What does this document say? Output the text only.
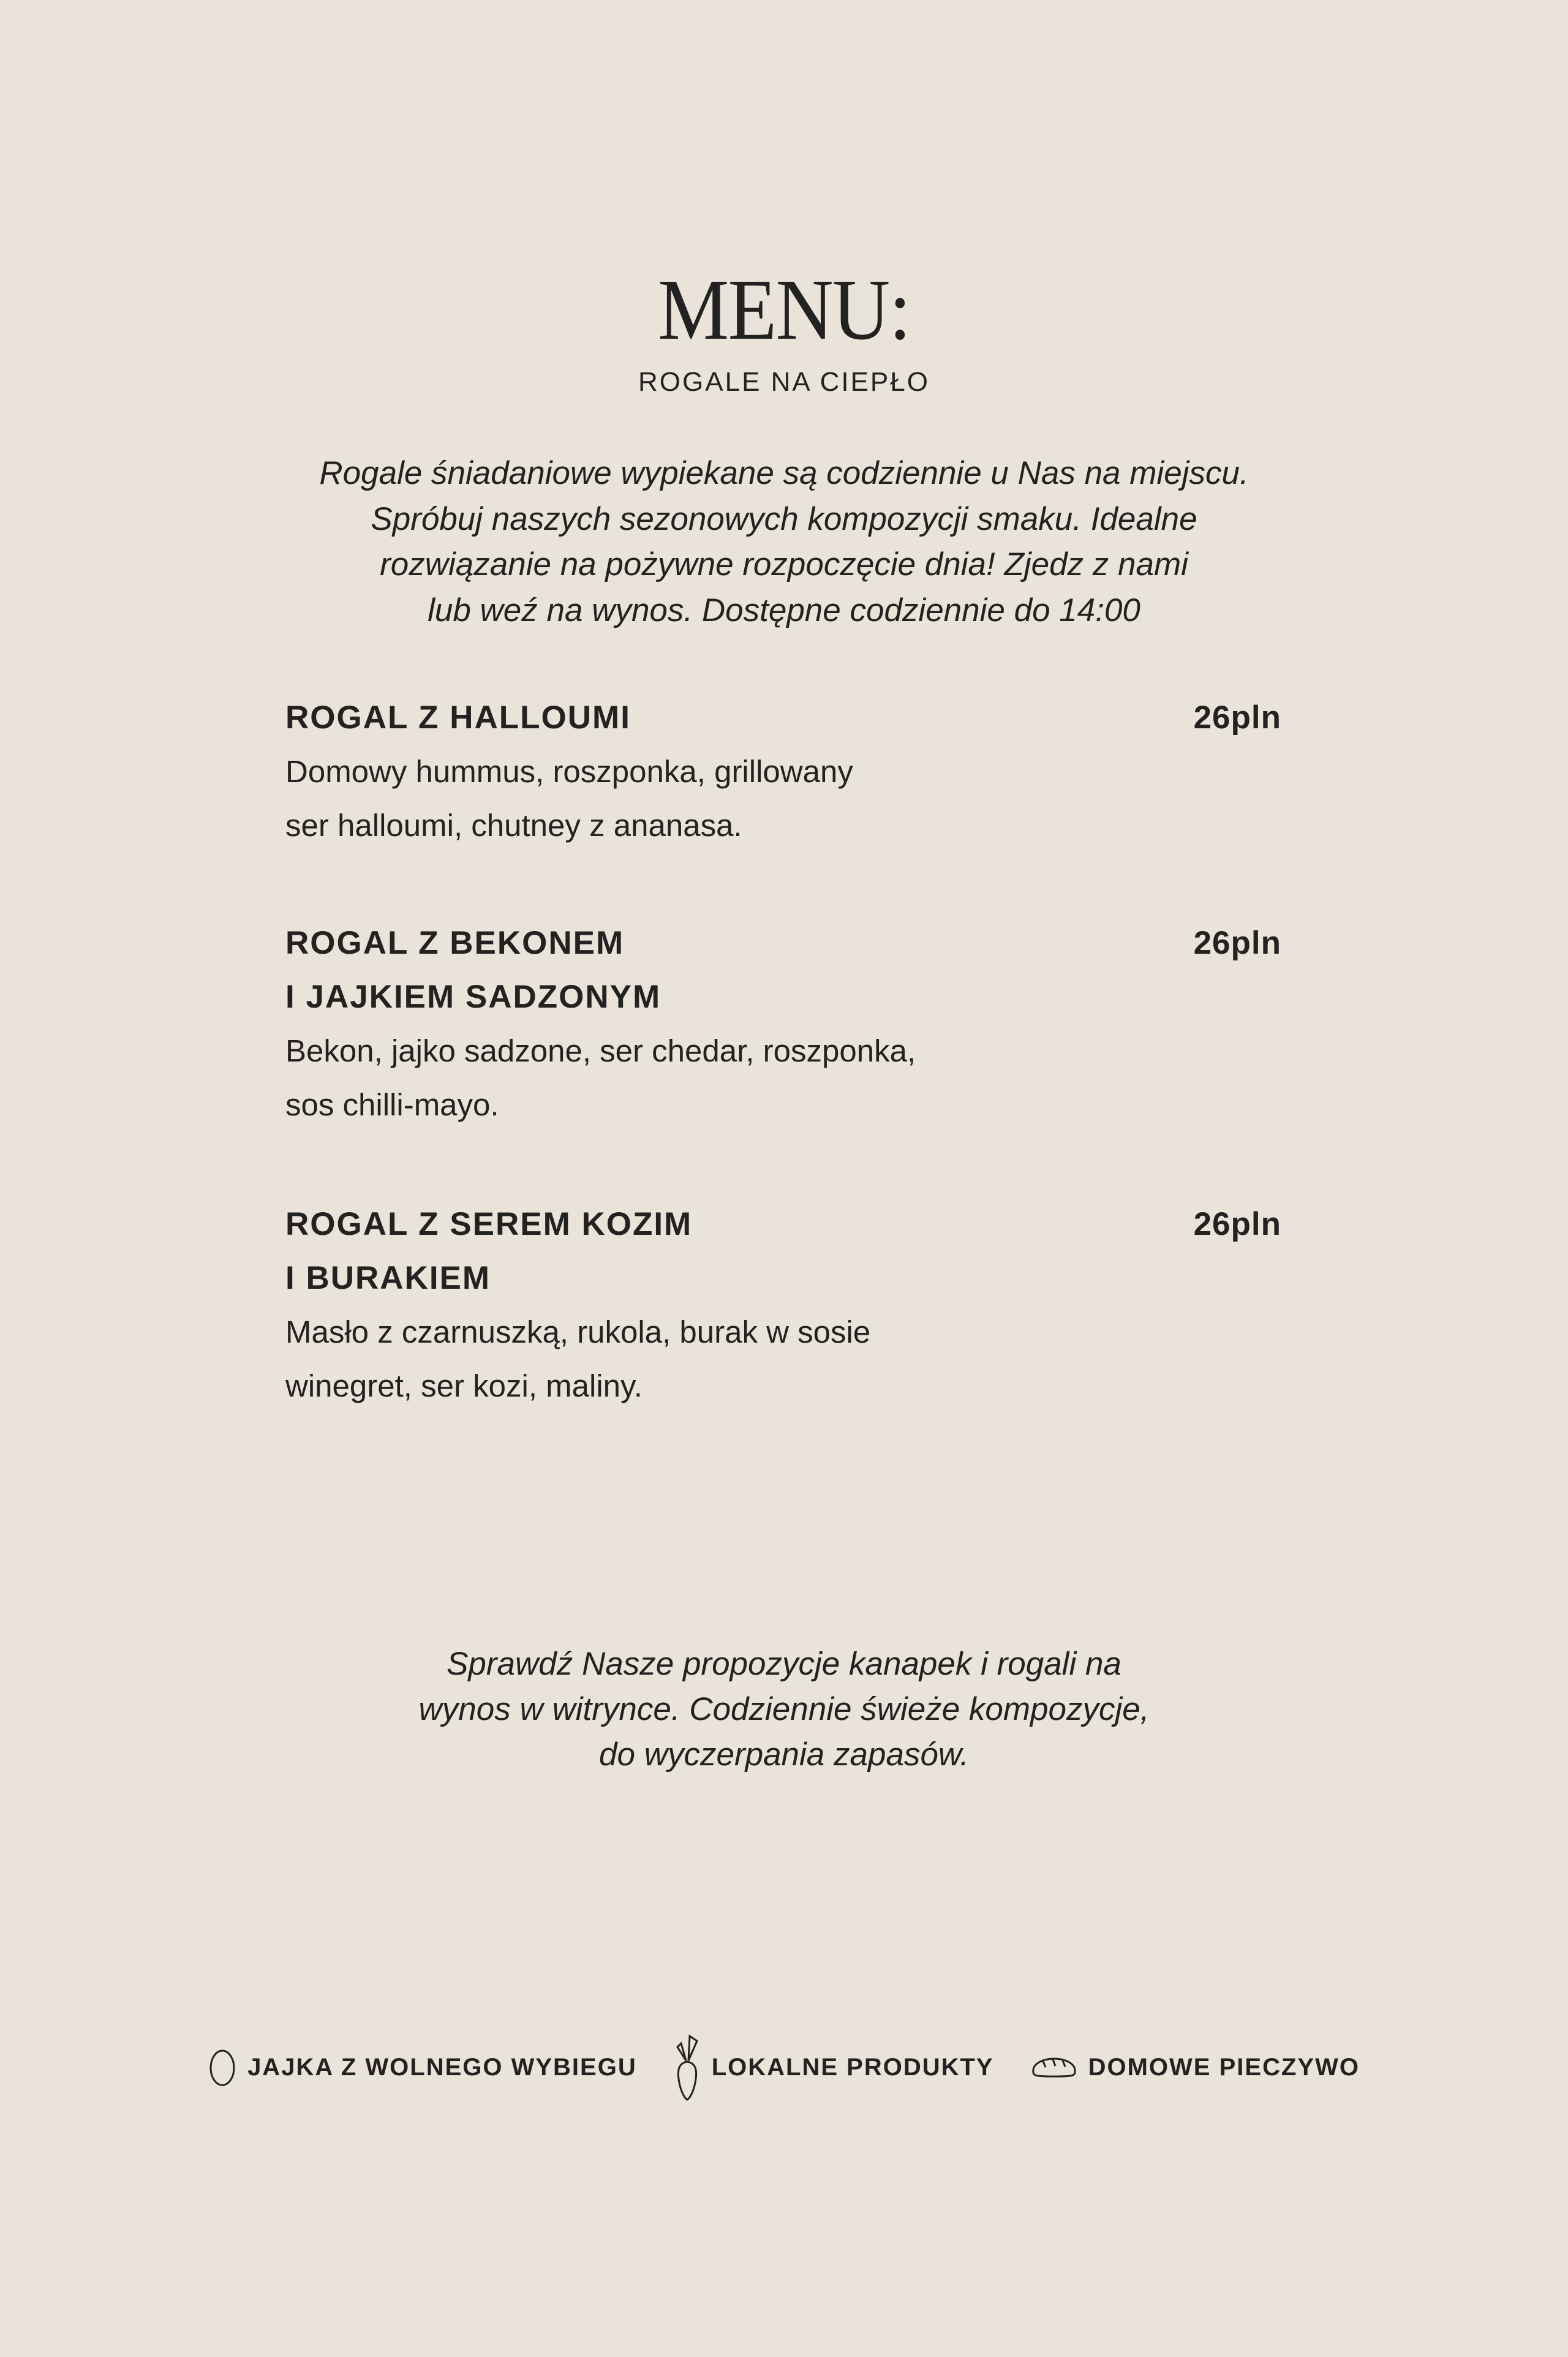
MENU:
ROGALE NA CIEPŁO
Rogale śniadaniowe wypiekane są codziennie u Nas na miejscu.
Spróbuj naszych sezonowych kompozycji smaku. Idealne
rozwiązanie na pożywne rozpoczęcie dnia! Zjedz z nami
lub weź na wynos. Dostępne codziennie do 14:00
ROGAL Z HALLOUMI	26pln
Domowy hummus, roszponka, grillowany
ser halloumi, chutney z ananasa.
ROGAL Z BEKONEM
I JAJKIEM SADZONYM
26pln
Bekon, jajko sadzone, ser chedar, roszponka,
sos chilli-mayo.
ROGAL Z SEREM KOZIM
I BURAKIEM
26pln
Masło z czarnuszką, rukola, burak w sosie
winegret, ser kozi, maliny.
Sprawdź Nasze propozycje kanapek i rogali na
wynos w witrynce. Codziennie świeże kompozycje,
do wyczerpania zapasów.
JAJKA Z WOLNEGO WYBIEGU	LOKALNE PRODUKTY	DOMOWE PIECZYWO
